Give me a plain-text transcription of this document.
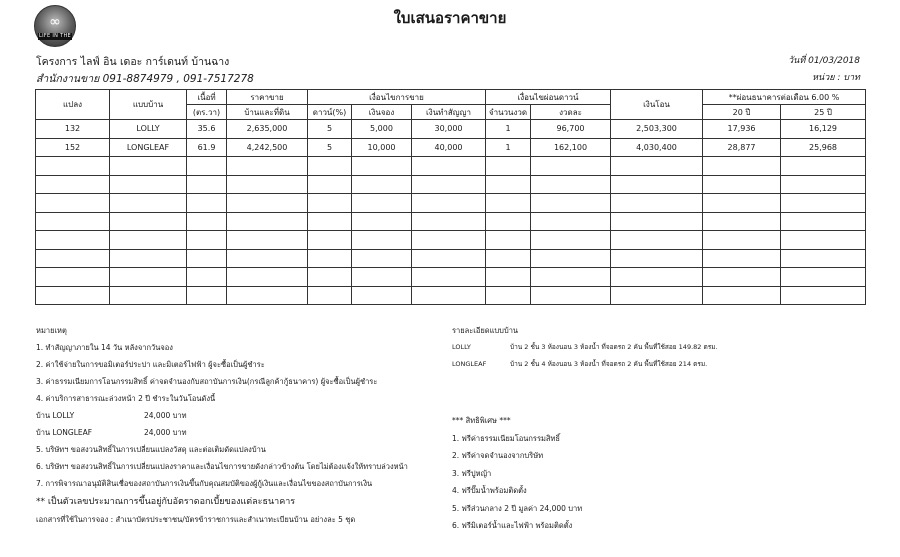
∞
LIFE IN THE
ใบเสนอราคาขาย
โครงการ ไลฟ์ อิน เดอะ การ์เดนท์ บ้านฉาง
สำนักงานขาย 091-8874979 , 091-7517278
วันที่ 01/03/2018
หน่วย : บาท
แปลง	แบบบ้าน	เนื้อที่	ราคาขาย	เงื่อนไขการขาย			เงื่อนไขผ่อนดาวน์		เงินโอน	**ผ่อนธนาคารต่อเดือน 6.00 %	
		(ตร.วา)	บ้านและที่ดิน	ดาวน์(%)	เงินจอง	เงินทำสัญญา	จำนวนงวด	งวดละ		20 ปี	25 ปี
132	LOLLY	35.6	2,635,000	5	5,000	30,000	1	96,700	2,503,300	17,936	16,129
152	LONGLEAF	61.9	4,242,500	5	10,000	40,000	1	162,100	4,030,400	28,877	25,968

หมายเหตุ
1. ทำสัญญาภายใน 14 วัน หลังจากวันจอง
2. ค่าใช้จ่ายในการขอมิเตอร์ประปา และมิเตอร์ไฟฟ้า ผู้จะซื้อเป็นผู้ชำระ
3. ค่าธรรมเนียมการโอนกรรมสิทธิ์ ค่าจดจำนองกับสถาบันการเงิน(กรณีลูกค้ากู้ธนาคาร) ผู้จะซื้อเป็นผู้ชำระ
4. ค่าบริการสาธารณะล่วงหน้า 2 ปี ชำระในวันโอนดังนี้
บ้าน LOLLY	24,000 บาท
บ้าน LONGLEAF	24,000 บาท
5. บริษัทฯ ขอสงวนสิทธิ์ในการเปลี่ยนแปลงวัสดุ และต่อเติมดัดแปลงบ้าน
6. บริษัทฯ ขอสงวนสิทธิ์ในการเปลี่ยนแปลงราคาและเงื่อนไขการขายดังกล่าวข้างต้น โดยไม่ต้องแจ้งให้ทราบล่วงหน้า
7. การพิจารณาอนุมัติสินเชื่อของสถาบันการเงินขึ้นกับคุณสมบัติของผู้กู้เงินและเงื่อนไขของสถาบันการเงิน
** เป็นตัวเลขประมาณการขึ้นอยู่กับอัตราดอกเบี้ยของแต่ละธนาคาร
เอกสารที่ใช้ในการจอง : สำเนาบัตรประชาชน/บัตรข้าราชการและสำเนาทะเบียนบ้าน อย่างละ 5 ชุด
รายละเอียดแบบบ้าน
LOLLY	บ้าน 2 ชั้น 3 ห้องนอน 3 ห้องน้ำ ที่จอดรถ 2 คัน พื้นที่ใช้สอย 149.82 ตรม.
LONGLEAF	บ้าน 2 ชั้น 4 ห้องนอน 3 ห้องน้ำ ที่จอดรถ 2 คัน พื้นที่ใช้สอย 214 ตรม.
*** สิทธิพิเศษ ***
1. ฟรีค่าธรรมเนียมโอนกรรมสิทธิ์
2. ฟรีค่าจดจำนองจากบริษัท
3. ฟรีปูหญ้า
4. ฟรีปั๊มน้ำพร้อมติดตั้ง
5. ฟรีส่วนกลาง 2 ปี มูลค่า 24,000 บาท
6. ฟรีมิเตอร์น้ำและไฟฟ้า พร้อมติดตั้ง
